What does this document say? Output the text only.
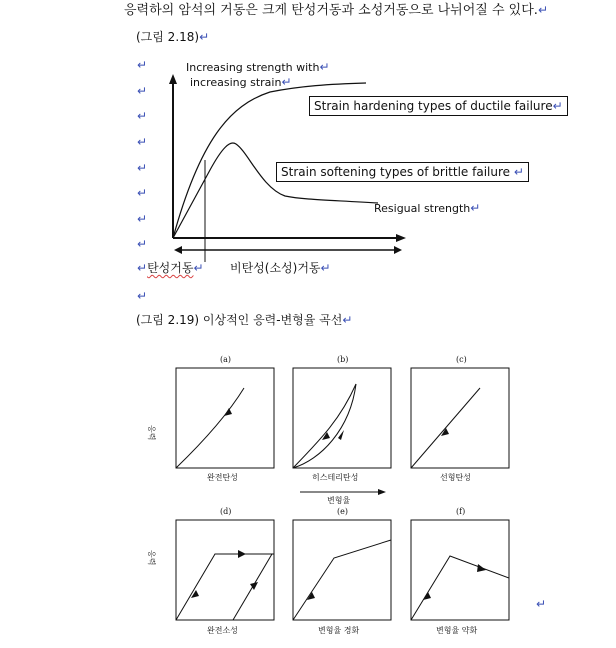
응력하의 암석의 거동은 크게 탄성거동과 소성거동으로 나뉘어질 수 있다.↵
(그림 2.18)↵
↵
↵
↵
↵
↵
↵
↵
↵
↵
Increasing strength with↵
increasing strain↵
Strain hardening types of ductile failure↵
Strain softening types of brittle failure ↵
Resigual strength↵
↵탄성거동↵ 비탄성(소성)거동↵
(그림 2.19) 이상적인 응력-변형율 곡선↵
(a)	(b)	(c)
(d)	(e)	(f)
응력
응력
완전탄성	히스테리탄성	선형탄성
변형율
완전소성	변형율 경화	변형율 약화
↵
